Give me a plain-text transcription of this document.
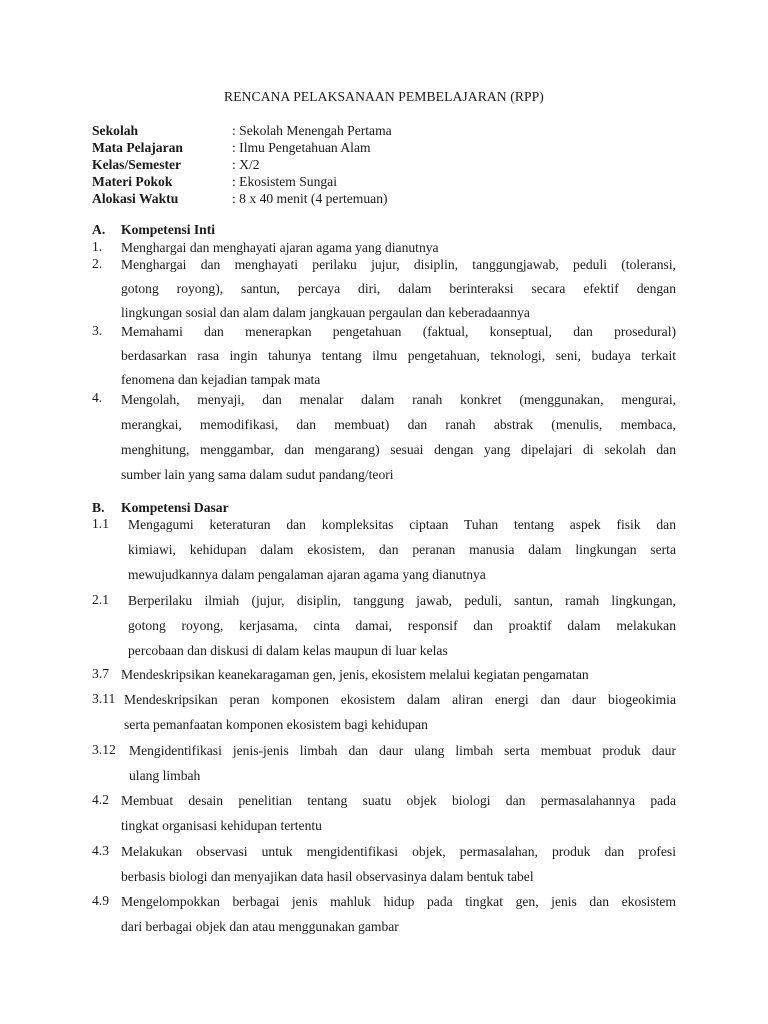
RENCANA PELAKSANAAN PEMBELAJARAN (RPP)
Sekolah	: Sekolah Menengah Pertama
Mata Pelajaran	: Ilmu Pengetahuan Alam
Kelas/Semester	: X/2
Materi Pokok	: Ekosistem Sungai
Alokasi Waktu	: 8 x 40 menit (4 pertemuan)
A.	Kompetensi Inti
1. Menghargai dan menghayati ajaran agama yang dianutnya
2. Menghargai dan menghayati perilaku jujur, disiplin, tanggungjawab, peduli (toleransi,
gotong royong), santun, percaya diri, dalam berinteraksi secara efektif dengan
lingkungan sosial dan alam dalam jangkauan pergaulan dan keberadaannya
3. Memahami dan menerapkan pengetahuan (faktual, konseptual, dan prosedural)
berdasarkan rasa ingin tahunya tentang ilmu pengetahuan, teknologi, seni, budaya terkait
fenomena dan kejadian tampak mata
4. Mengolah, menyaji, dan menalar dalam ranah konkret (menggunakan, mengurai,
merangkai, memodifikasi, dan membuat) dan ranah abstrak (menulis, membaca,
menghitung, menggambar, dan mengarang) sesuai dengan yang dipelajari di sekolah dan
sumber lain yang sama dalam sudut pandang/teori
B.	Kompetensi Dasar
1.1 Mengagumi keteraturan dan kompleksitas ciptaan Tuhan tentang aspek fisik dan
kimiawi, kehidupan dalam ekosistem, dan peranan manusia dalam lingkungan serta
mewujudkannya dalam pengalaman ajaran agama yang dianutnya
2.1 Berperilaku ilmiah (jujur, disiplin, tanggung jawab, peduli, santun, ramah lingkungan,
gotong royong, kerjasama, cinta damai, responsif dan proaktif dalam melakukan
percobaan dan diskusi di dalam kelas maupun di luar kelas
3.7 Mendeskripsikan keanekaragaman gen, jenis, ekosistem melalui kegiatan pengamatan
3.11 Mendeskripsikan peran komponen ekosistem dalam aliran energi dan daur biogeokimia
serta pemanfaatan komponen ekosistem bagi kehidupan
3.12 Mengidentifikasi jenis-jenis limbah dan daur ulang limbah serta membuat produk daur
ulang limbah
4.2 Membuat desain penelitian tentang suatu objek biologi dan permasalahannya pada
tingkat organisasi kehidupan tertentu
4.3 Melakukan observasi untuk mengidentifikasi objek, permasalahan, produk dan profesi
berbasis biologi dan menyajikan data hasil observasinya dalam bentuk tabel
4.9 Mengelompokkan berbagai jenis mahluk hidup pada tingkat gen, jenis dan ekosistem
dari berbagai objek dan atau menggunakan gambar
